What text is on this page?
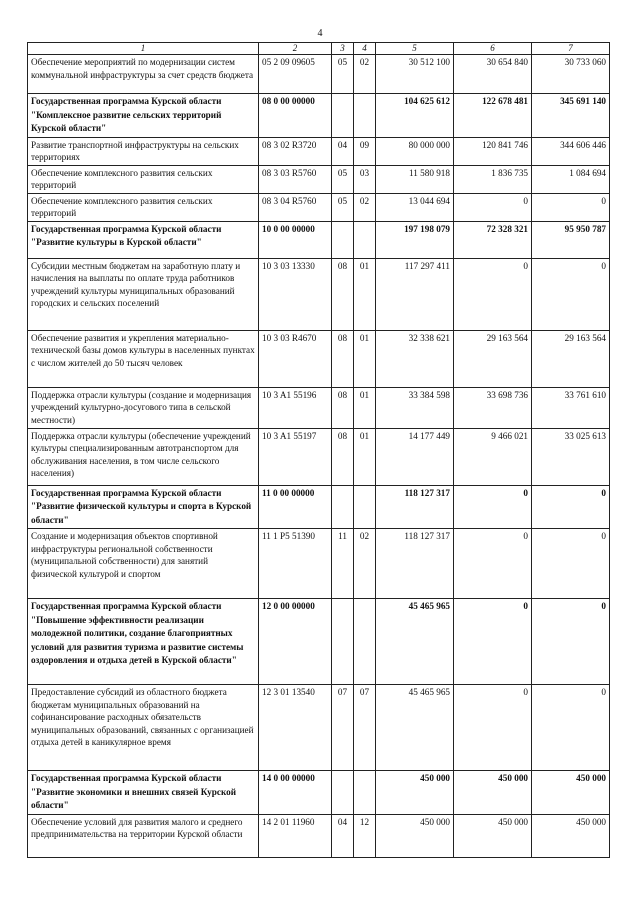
4
1	2	3	4	5	6	7
Обеспечение мероприятий по модернизации систем коммунальной инфраструктуры за счет средств бюджета	05 2 09 09605	05	02	30 512 100	30 654 840	30 733 060
Государственная программа Курской области "Комплексное развитие сельских территорий Курской области"	08 0 00 00000			104 625 612	122 678 481	345 691 140
Развитие транспортной инфраструктуры на сельских территориях	08 3 02 R3720	04	09	80 000 000	120 841 746	344 606 446
Обеспечение комплексного развития сельских территорий	08 3 03 R5760	05	03	11 580 918	1 836 735	1 084 694
Обеспечение комплексного развития сельских территорий	08 3 04 R5760	05	02	13 044 694	0	0
Государственная программа Курской области "Развитие культуры в Курской области"	10 0 00 00000			197 198 079	72 328 321	95 950 787
Субсидии местным бюджетам на заработную плату и начисления на выплаты по оплате труда работников учреждений культуры муниципальных образований городских и сельских поселений	10 3 03 13330	08	01	117 297 411	0	0
Обеспечение развития и укрепления материально-технической базы домов культуры в населенных пунктах с числом жителей до 50 тысяч человек	10 3 03 R4670	08	01	32 338 621	29 163 564	29 163 564
Поддержка отрасли культуры (создание и модернизация учреждений культурно-досугового типа в сельской местности)	10 3 A1 55196	08	01	33 384 598	33 698 736	33 761 610
Поддержка отрасли культуры (обеспечение учреждений культуры специализированным автотранспортом для обслуживания населения, в том числе сельского населения)	10 3 A1 55197	08	01	14 177 449	9 466 021	33 025 613
Государственная программа Курской области "Развитие физической культуры и спорта в Курской области"	11 0 00 00000			118 127 317	0	0
Создание и модернизация объектов спортивной инфраструктуры региональной собственности (муниципальной собственности) для занятий физической культурой и спортом	11 1 P5 51390	11	02	118 127 317	0	0
Государственная программа Курской области "Повышение эффективности реализации молодежной политики, создание благоприятных условий для развития туризма и развитие системы оздоровления и отдыха детей в Курской области"	12 0 00 00000			45 465 965	0	0
Предоставление субсидий из областного бюджета бюджетам муниципальных образований на софинансирование расходных обязательств муниципальных образований, связанных с организацией отдыха детей в каникулярное время	12 3 01 13540	07	07	45 465 965	0	0
Государственная программа Курской области "Развитие экономики и внешних связей Курской области"	14 0 00 00000			450 000	450 000	450 000
Обеспечение условий для развития малого и среднего предпринимательства на территории Курской области	14 2 01 11960	04	12	450 000	450 000	450 000
